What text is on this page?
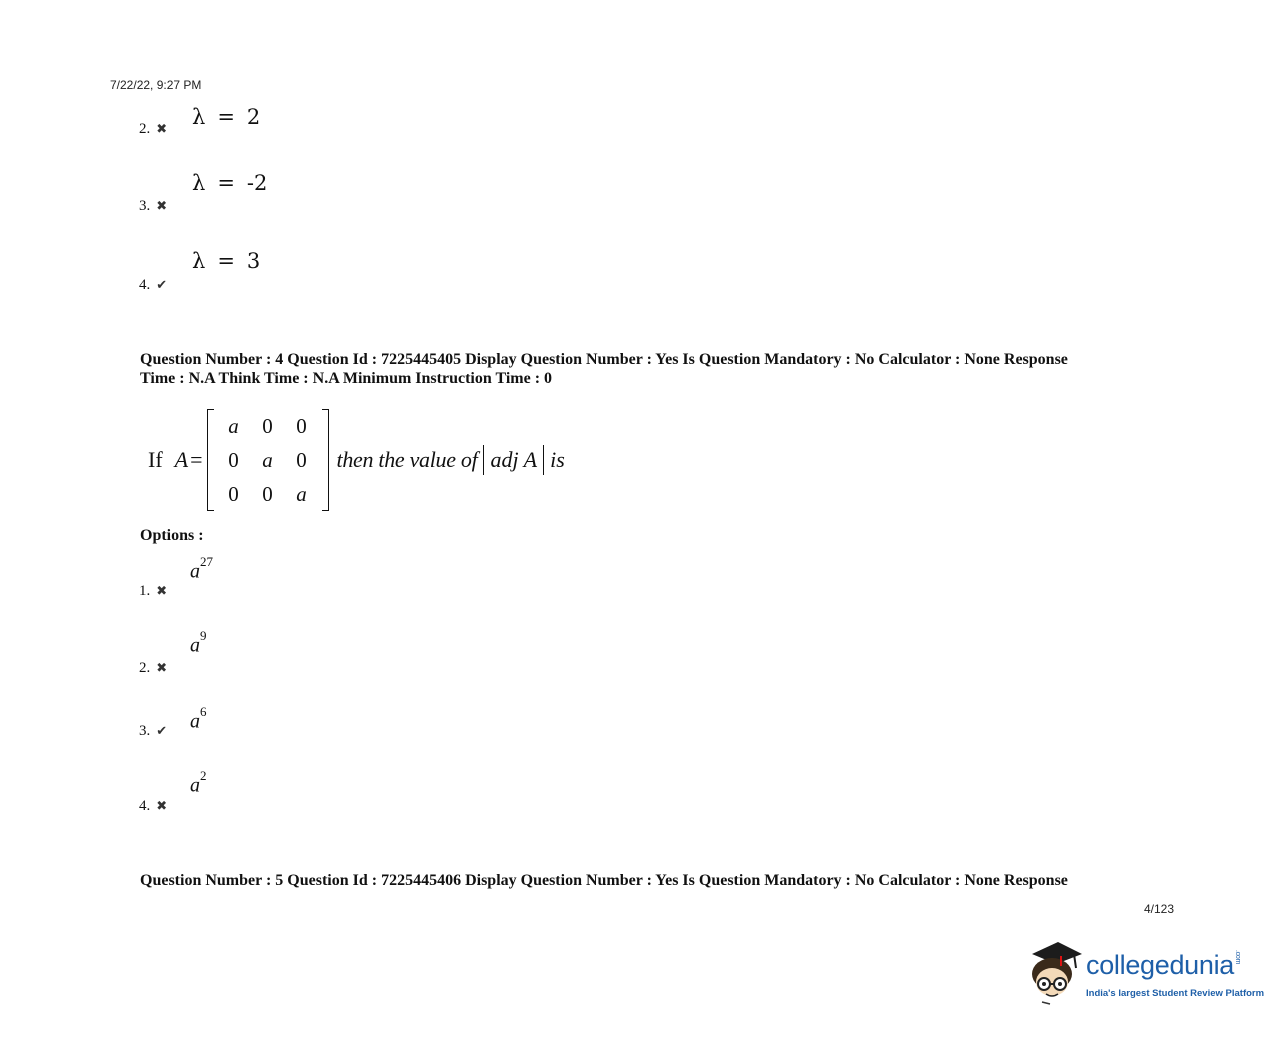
7/22/22, 9:27 PM
λ = 2
2. ✖
λ = -2
3. ✖
λ = 3
4. ✔
Question Number : 4 Question Id : 7225445405 Display Question Number : Yes Is Question Mandatory : No Calculator : None Response
Time : N.A Think Time : N.A Minimum Instruction Time : 0
If A =
a	0	0
0	a	0
0	0	a
then the value of adj A is
Options :
$a^{27}$
1. ✖
$a^9$
2. ✖
3. ✔ $a^6$
$a^2$
4. ✖
Question Number : 5 Question Id : 7225445406 Display Question Number : Yes Is Question Mandatory : No Calculator : None Response
4/123
collegedunia.com
India's largest Student Review Platform
